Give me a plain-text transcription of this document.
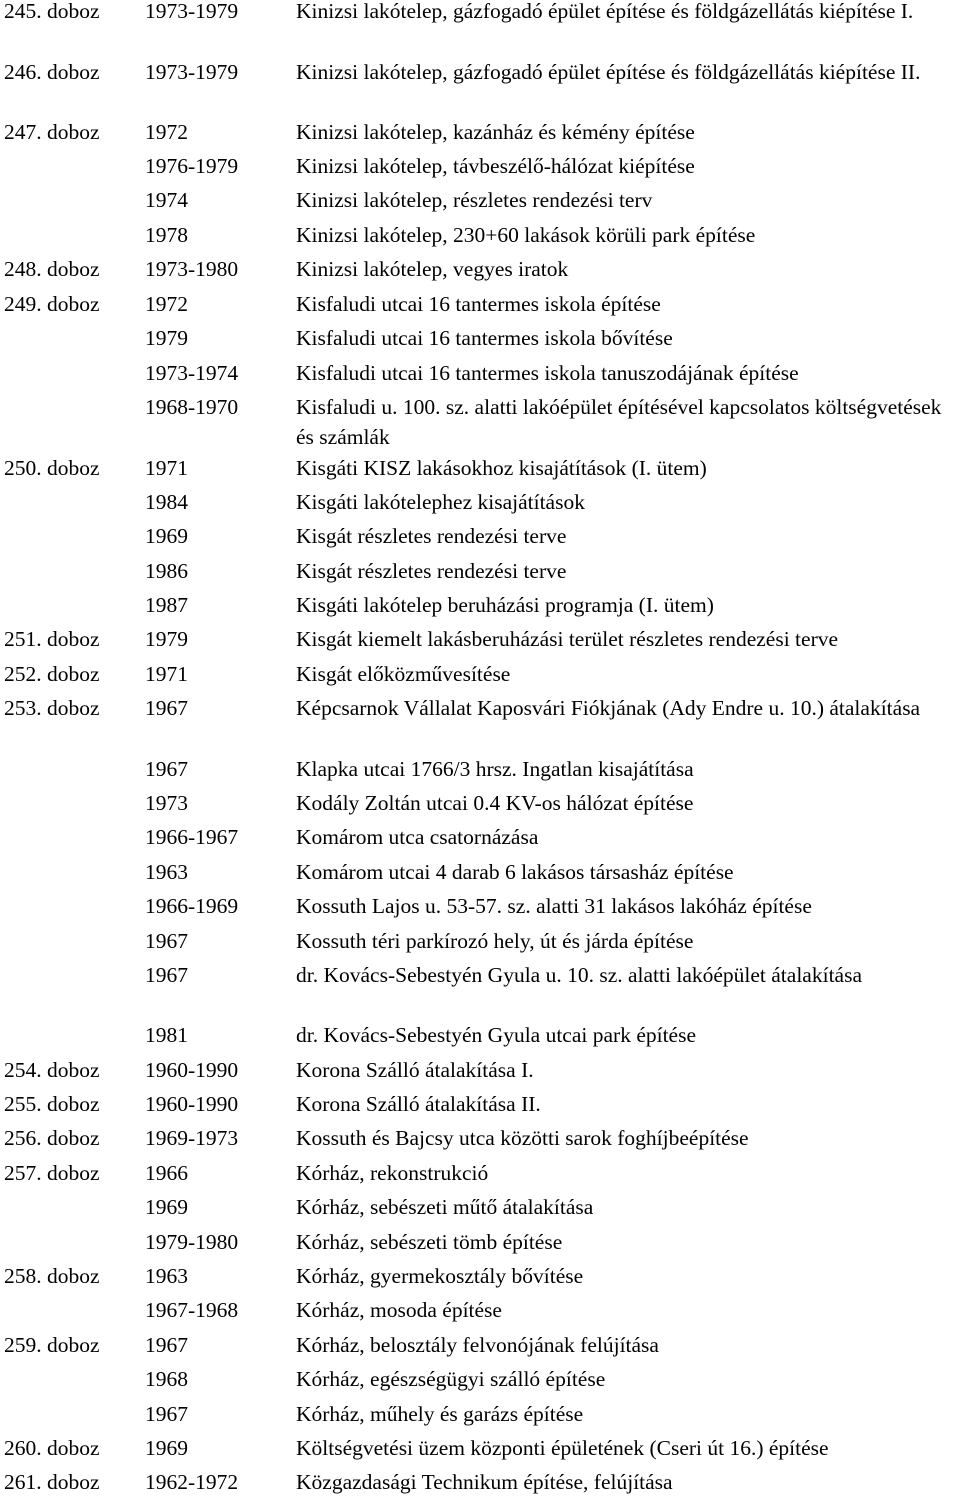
245. doboz 1973-1979	Kinizsi lakótelep, gázfogadó épület építése és földgázellátás kiépítése I.
246. doboz 1973-1979	Kinizsi lakótelep, gázfogadó épület építése és földgázellátás kiépítése II.
247. doboz 1972	Kinizsi lakótelep, kazánház és kémény építése
1976-1979	Kinizsi lakótelep, távbeszélő-hálózat kiépítése
1974	Kinizsi lakótelep, részletes rendezési terv
1978	Kinizsi lakótelep, 230+60 lakások körüli park építése
248. doboz 1973-1980	Kinizsi lakótelep, vegyes iratok
249. doboz 1972	Kisfaludi utcai 16 tantermes iskola építése
1979	Kisfaludi utcai 16 tantermes iskola bővítése
1973-1974	Kisfaludi utcai 16 tantermes iskola tanuszodájának építése
1968-1970	Kisfaludi u. 100. sz. alatti lakóépület építésével kapcsolatos költségvetések és számlák
250. doboz 1971	Kisgáti KISZ lakásokhoz kisajátítások (I. ütem)
1984	Kisgáti lakótelephez kisajátítások
1969	Kisgát részletes rendezési terve
1986	Kisgát részletes rendezési terve
1987	Kisgáti lakótelep beruházási programja (I. ütem)
251. doboz 1979	Kisgát kiemelt lakásberuházási terület részletes rendezési terve
252. doboz 1971	Kisgát előközművesítése
253. doboz 1967	Képcsarnok Vállalat Kaposvári Fiókjának (Ady Endre u. 10.) átalakítása
1967	Klapka utcai 1766/3 hrsz. Ingatlan kisajátítása
1973	Kodály Zoltán utcai 0.4 KV-os hálózat építése
1966-1967	Komárom utca csatornázása
1963	Komárom utcai 4 darab 6 lakásos társasház építése
1966-1969	Kossuth Lajos u. 53-57. sz. alatti 31 lakásos lakóház építése
1967	Kossuth téri parkírozó hely, út és járda építése
1967	dr. Kovács-Sebestyén Gyula u. 10. sz. alatti lakóépület átalakítása
1981	dr. Kovács-Sebestyén Gyula utcai park építése
254. doboz 1960-1990	Korona Szálló átalakítása I.
255. doboz 1960-1990	Korona Szálló átalakítása II.
256. doboz 1969-1973	Kossuth és Bajcsy utca közötti sarok foghíjbeépítése
257. doboz 1966	Kórház, rekonstrukció
1969	Kórház, sebészeti műtő átalakítása
1979-1980	Kórház, sebészeti tömb építése
258. doboz 1963	Kórház, gyermekosztály bővítése
1967-1968	Kórház, mosoda építése
259. doboz 1967	Kórház, belosztály felvonójának felújítása
1968	Kórház, egészségügyi szálló építése
1967	Kórház, műhely és garázs építése
260. doboz 1969	Költségvetési üzem központi épületének (Cseri út 16.) építése
261. doboz 1962-1972	Közgazdasági Technikum építése, felújítása
